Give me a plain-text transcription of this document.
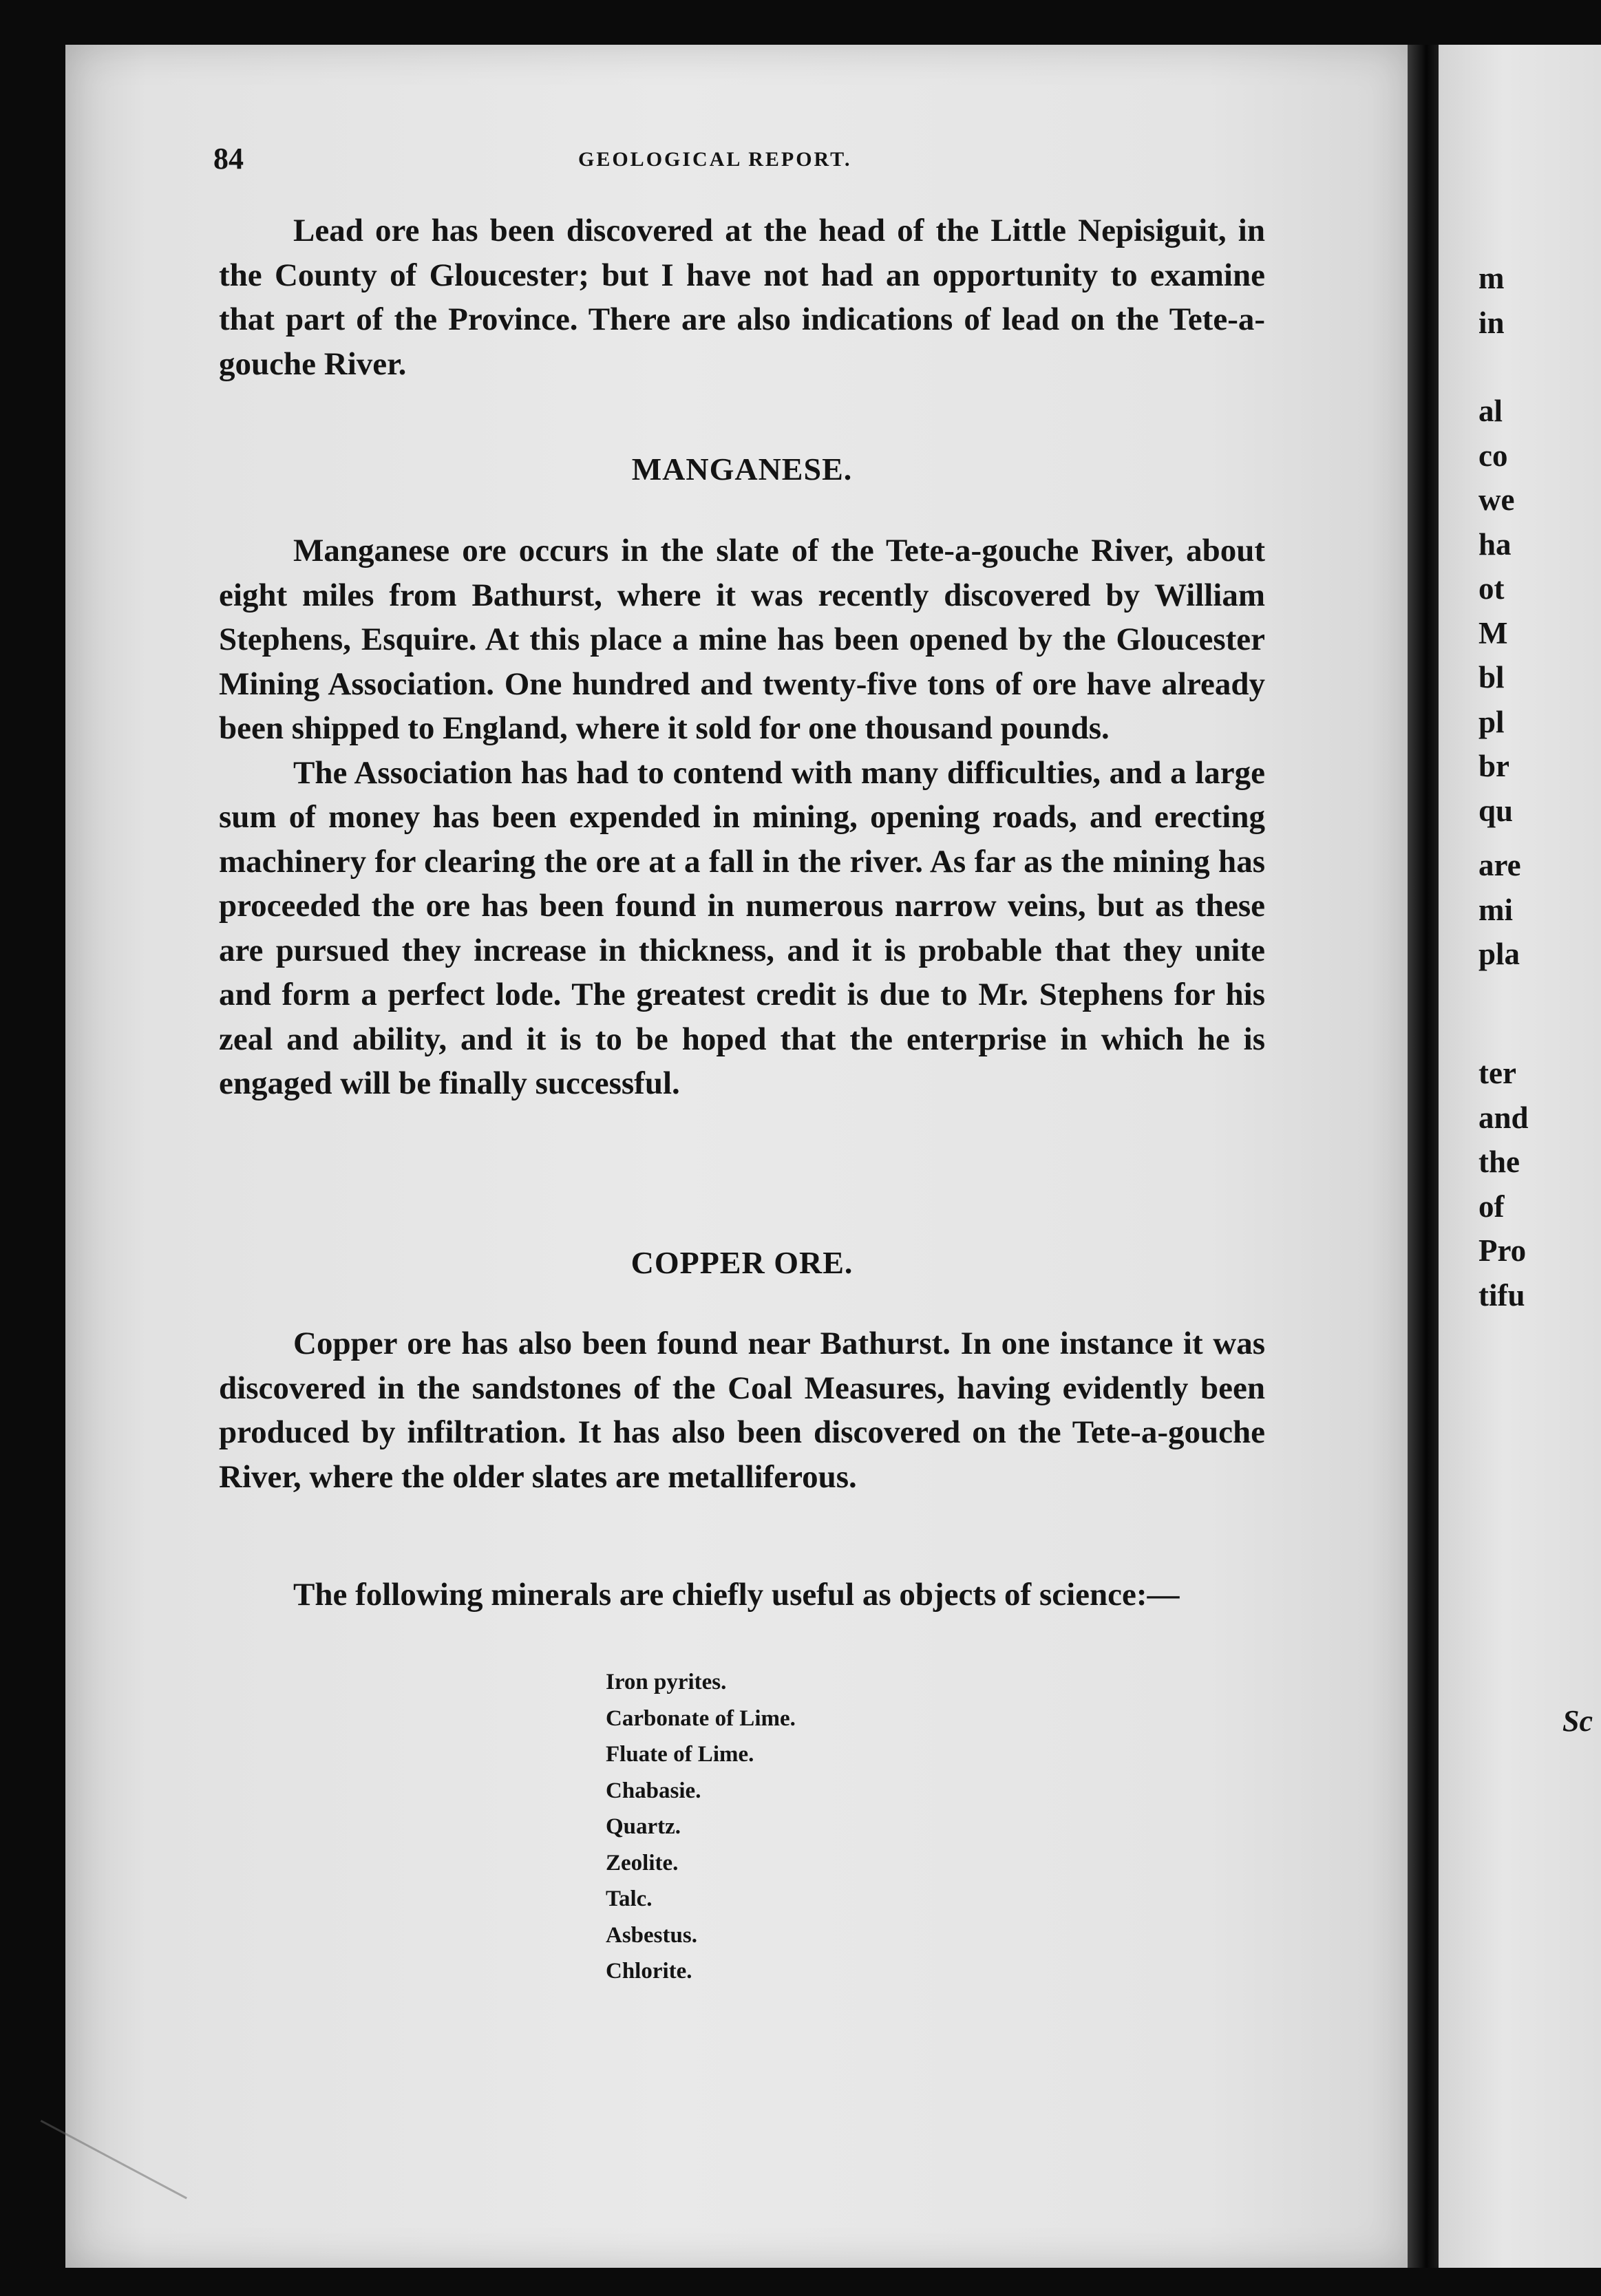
84	GEOLOGICAL REPORT.

Lead ore has been discovered at the head of the Little Nepisiguit, in the County of Gloucester; but I have not had an opportunity to examine that part of the Province. There are also indications of lead on the Tete-a-gouche River.

MANGANESE.

Manganese ore occurs in the slate of the Tete-a-gouche River, about eight miles from Bathurst, where it was recently discovered by William Stephens, Esquire. At this place a mine has been opened by the Gloucester Mining Association. One hundred and twenty-five tons of ore have already been shipped to England, where it sold for one thousand pounds.

The Association has had to contend with many difficulties, and a large sum of money has been expended in mining, opening roads, and erecting machinery for clearing the ore at a fall in the river. As far as the mining has proceeded the ore has been found in numerous narrow veins, but as these are pursued they increase in thickness, and it is probable that they unite and form a perfect lode. The greatest credit is due to Mr. Stephens for his zeal and ability, and it is to be hoped that the enterprise in which he is engaged will be finally successful.

COPPER ORE.

Copper ore has also been found near Bathurst. In one instance it was discovered in the sandstones of the Coal Measures, having evidently been produced by infiltration. It has also been discovered on the Tete-a-gouche River, where the older slates are metalliferous.

The following minerals are chiefly useful as objects of science:—

Iron pyrites.
Carbonate of Lime.
Fluate of Lime.
Chabasie.
Quartz.
Zeolite.
Talc.
Asbestus.
Chlorite.
m
in
al
co
we
ha
ot
M
bl
pl
br
qu
are
mi
pla
ter
and
the
of
Pro
tifu
Sc
